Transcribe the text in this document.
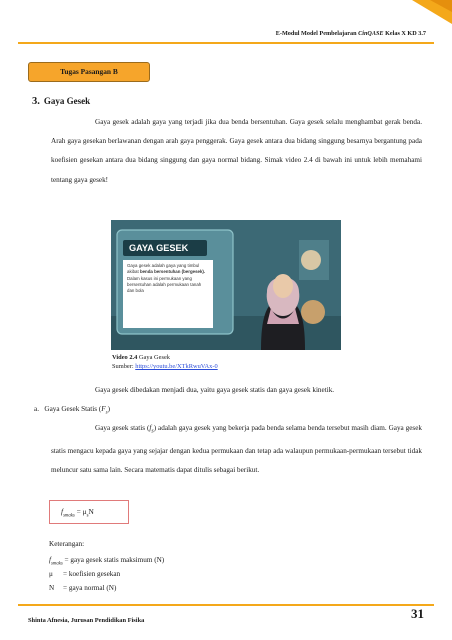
E-Modul Model Pembelajaran CinQASE Kelas X KD 3.7
Tugas Pasangan B
3. Gaya Gesek
Gaya gesek adalah gaya yang terjadi jika dua benda bersentuhan. Gaya gesek selalu menghambat gerak benda. Arah gaya gesekan berlawanan dengan arah gaya penggerak. Gaya gesek antara dua bidang singgung besarnya bergantung pada koefisien gesekan antara dua bidang singgung dan gaya normal bidang. Simak video 2.4 di bawah ini untuk lebih memahami tentang gaya gesek!
GAYA GESEK
Gaya gesek adalah gaya yang timbul akibat benda bersentuhan (bergesek). Dalam kasus ini permukaan yang bersentuhan adalah permukaan tanah dan bola
Video 2.4 Gaya Gesek
Sumber: https://youtu.be/XTkRwuVAx-0
Gaya gesek dibedakan menjadi dua, yaitu gaya gesek statis dan gaya gesek kinetik.
a. Gaya Gesek Statis $(F_s)$
Gaya gesek statis $(f_s)$ adalah gaya gesek yang bekerja pada benda selama benda tersebut masih diam. Gaya gesek statis mengacu kepada gaya yang sejajar dengan kedua permukaan dan tetap ada walaupun permukaan-permukaan tersebut tidak meluncur satu sama lain. Secara matematis dapat ditulis sebagai berikut.
$f_{smaks} = \mu_sN$
Keterangan:
$f_{smaks}$ = gaya gesek statis maksimum (N)
μ = koefisien gesekan
N = gaya normal (N)
Shinta Afnesia, Jurusan Pendidikan Fisika	31
